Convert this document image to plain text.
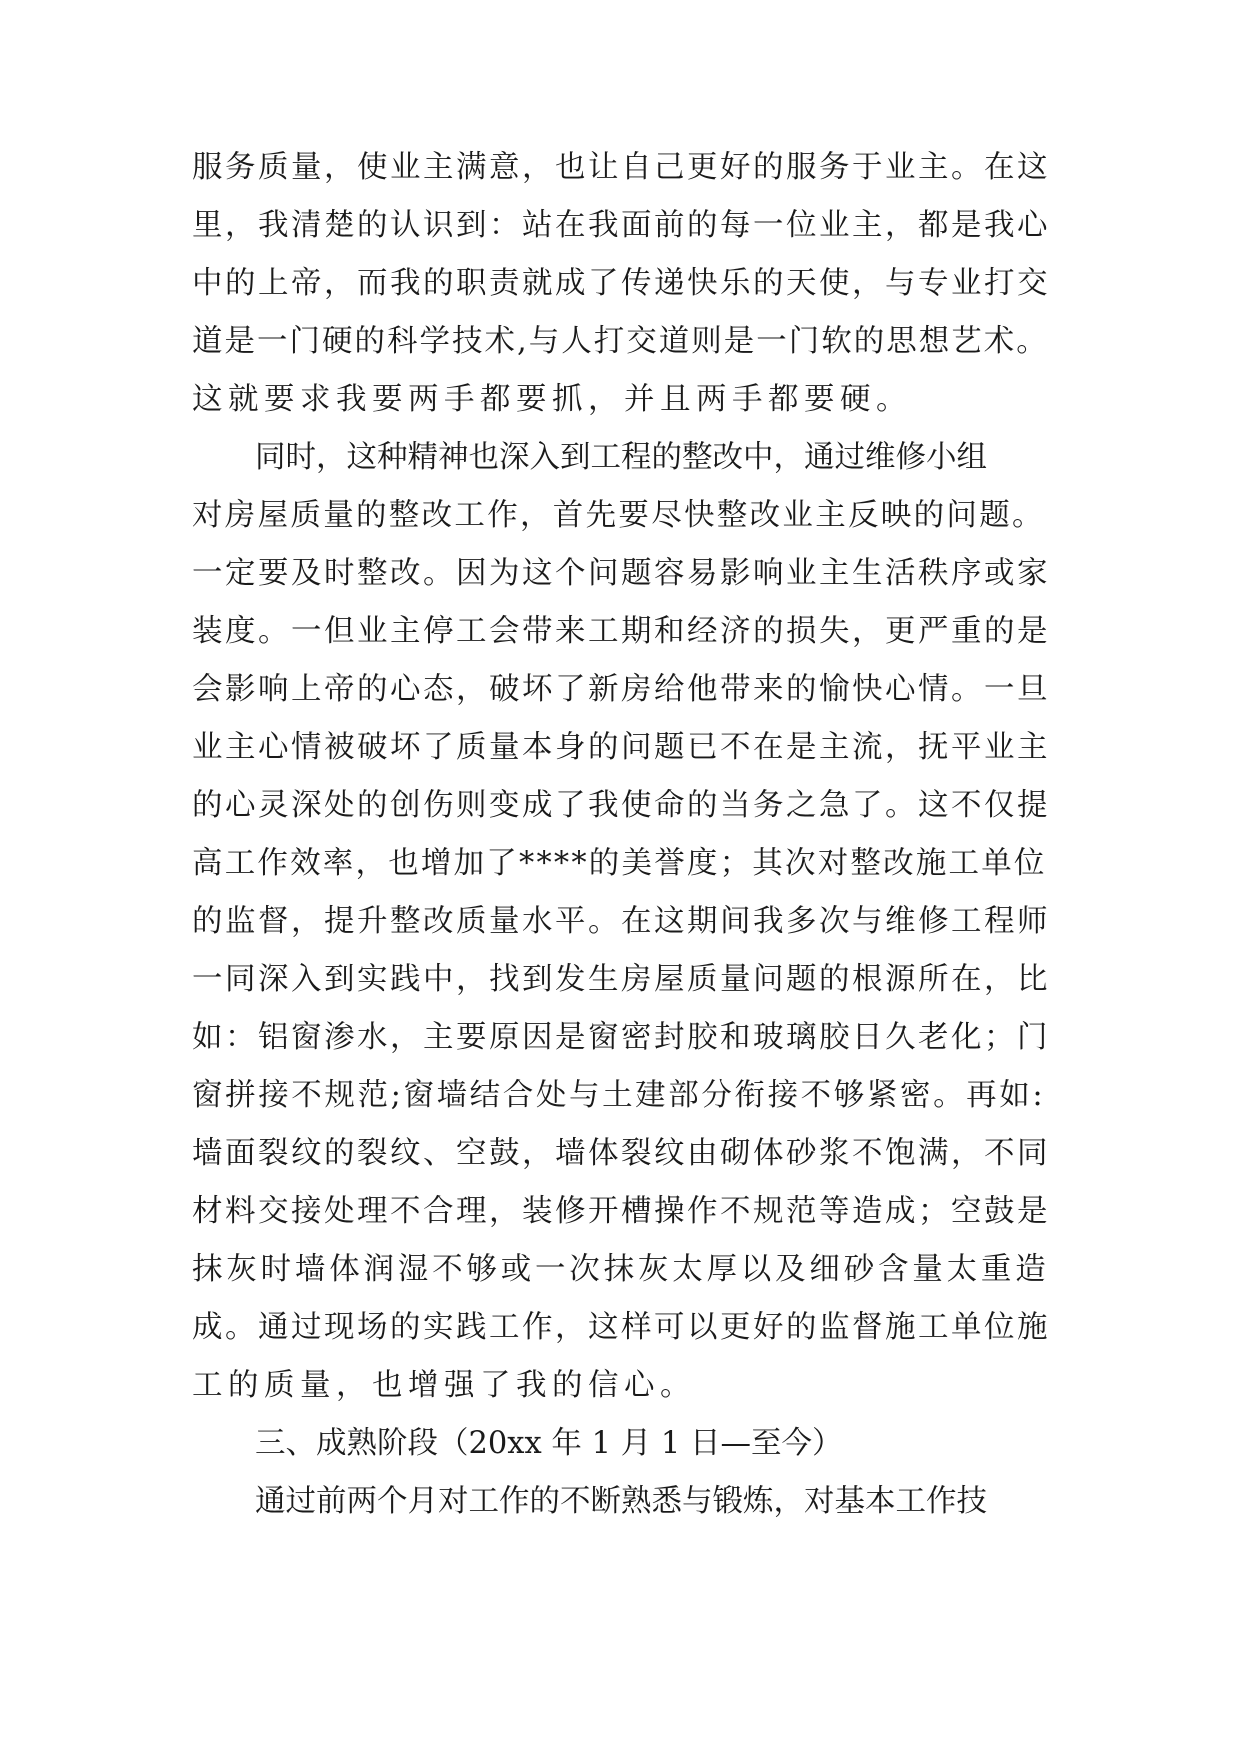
服务质量，使业主满意，也让自己更好的服务于业主。在这
里，我清楚的认识到：站在我面前的每一位业主，都是我心
中的上帝，而我的职责就成了传递快乐的天使，与专业打交
道是一门硬的科学技术,与人打交道则是一门软的思想艺术。
这就要求我要两手都要抓，并且两手都要硬。
同时，这种精神也深入到工程的整改中，通过维修小组
对房屋质量的整改工作，首先要尽快整改业主反映的问题。
一定要及时整改。因为这个问题容易影响业主生活秩序或家
装度。一但业主停工会带来工期和经济的损失，更严重的是
会影响上帝的心态，破坏了新房给他带来的愉快心情。一旦
业主心情被破坏了质量本身的问题已不在是主流，抚平业主
的心灵深处的创伤则变成了我使命的当务之急了。这不仅提
高工作效率，也增加了****的美誉度；其次对整改施工单位
的监督，提升整改质量水平。在这期间我多次与维修工程师
一同深入到实践中，找到发生房屋质量问题的根源所在，比
如：铝窗渗水，主要原因是窗密封胶和玻璃胶日久老化；门
窗拼接不规范;窗墙结合处与土建部分衔接不够紧密。再如:
墙面裂纹的裂纹、空鼓，墙体裂纹由砌体砂浆不饱满，不同
材料交接处理不合理，装修开槽操作不规范等造成；空鼓是
抹灰时墙体润湿不够或一次抹灰太厚以及细砂含量太重造
成。通过现场的实践工作，这样可以更好的监督施工单位施
工的质量，也增强了我的信心。
三、成熟阶段（20xx 年 1 月 1 日—至今）
通过前两个月对工作的不断熟悉与锻炼，对基本工作技
